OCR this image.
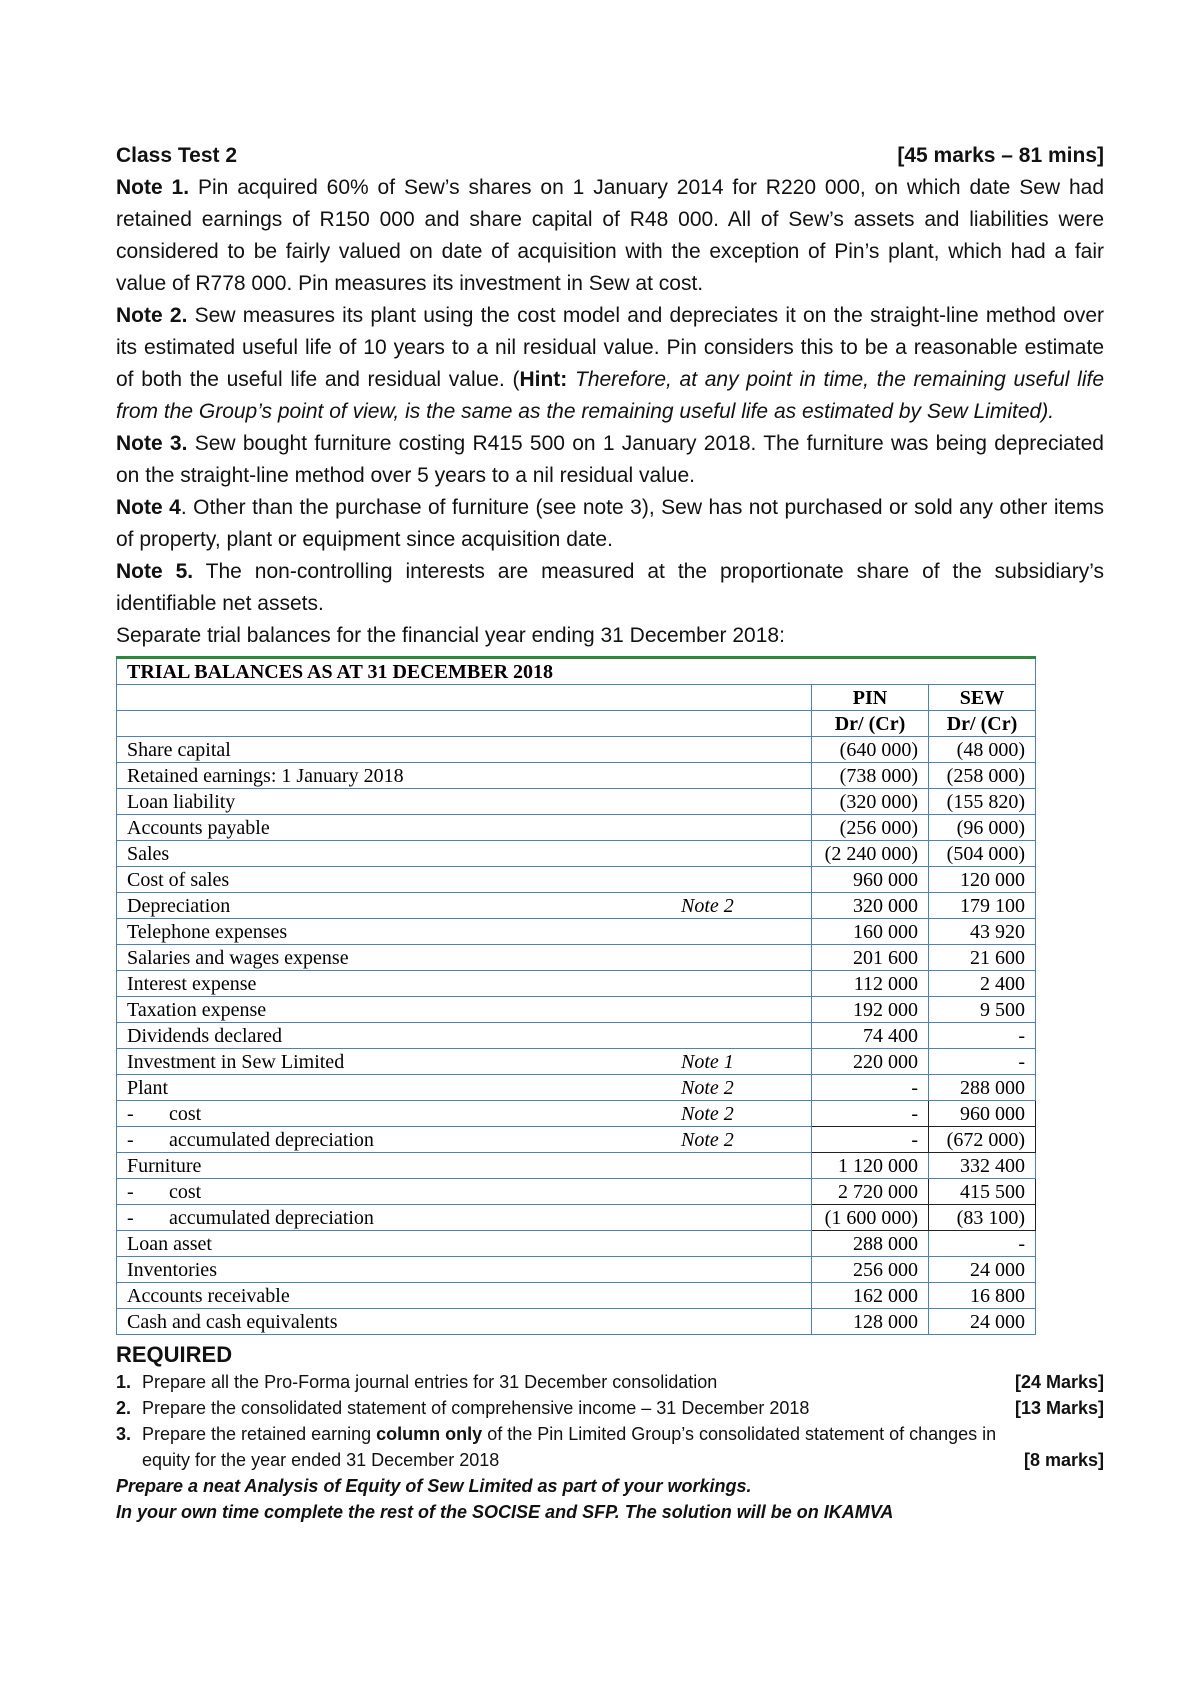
Class Test 2	[45 marks – 81 mins]

Note 1. Pin acquired 60% of Sew’s shares on 1 January 2014 for R220 000, on which date Sew had retained earnings of R150 000 and share capital of R48 000. All of Sew’s assets and liabilities were considered to be fairly valued on date of acquisition with the exception of Pin’s plant, which had a fair value of R778 000. Pin measures its investment in Sew at cost.

Note 2. Sew measures its plant using the cost model and depreciates it on the straight-line method over its estimated useful life of 10 years to a nil residual value. Pin considers this to be a reasonable estimate of both the useful life and residual value. (Hint: Therefore, at any point in time, the remaining useful life from the Group’s point of view, is the same as the remaining useful life as estimated by Sew Limited).

Note 3. Sew bought furniture costing R415 500 on 1 January 2018. The furniture was being depreciated on the straight-line method over 5 years to a nil residual value.

Note 4. Other than the purchase of furniture (see note 3), Sew has not purchased or sold any other items of property, plant or equipment since acquisition date.

Note 5. The non-controlling interests are measured at the proportionate share of the subsidiary’s identifiable net assets.

Separate trial balances for the financial year ending 31 December 2018:

TRIAL BALANCES AS AT 31 DECEMBER 2018			
		PIN	SEW
		Dr/ (Cr)	Dr/ (Cr)
Share capital		(640 000)	(48 000)
Retained earnings: 1 January 2018		(738 000)	(258 000)
Loan liability		(320 000)	(155 820)
Accounts payable		(256 000)	(96 000)
Sales		(2 240 000)	(504 000)
Cost of sales		960 000	120 000
Depreciation	Note 2	320 000	179 100
Telephone expenses		160 000	43 920
Salaries and wages expense		201 600	21 600
Interest expense		112 000	2 400
Taxation expense		192 000	9 500
Dividends declared		74 400	-
Investment in Sew Limited	Note 1	220 000	-
Plant	Note 2	-	288 000
- cost	Note 2	-	960 000
- accumulated depreciation	Note 2	-	(672 000)
Furniture		1 120 000	332 400
- cost		2 720 000	415 500
- accumulated depreciation		(1 600 000)	(83 100)
Loan asset		288 000	-
Inventories		256 000	24 000
Accounts receivable		162 000	16 800
Cash and cash equivalents		128 000	24 000
REQUIRED
1. Prepare all the Pro-Forma journal entries for 31 December consolidation	[24 Marks]
2. Prepare the consolidated statement of comprehensive income – 31 December 2018	[13 Marks]
3. Prepare the retained earning column only of the Pin Limited Group’s consolidated statement of changes in
equity for the year ended 31 December 2018	[8 marks]
Prepare a neat Analysis of Equity of Sew Limited as part of your workings.
In your own time complete the rest of the SOCISE and SFP. The solution will be on IKAMVA
